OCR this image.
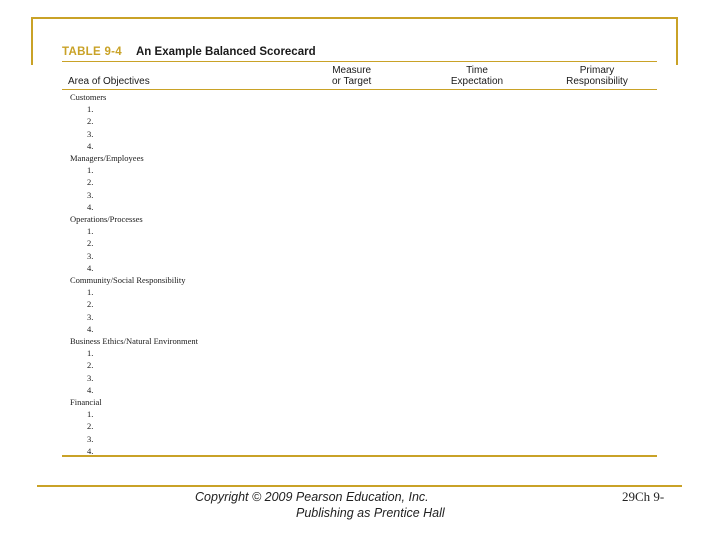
TABLE 9-4 An Example Balanced Scorecard
Area of Objectives
Measure
or Target
Time
Expectation
Primary
Responsibility
Customers
1.
2.
3.
4.
Managers/Employees
1.
2.
3.
4.
Operations/Processes
1.
2.
3.
4.
Community/Social Responsibility
1.
2.
3.
4.
Business Ethics/Natural Environment
1.
2.
3.
4.
Financial
1.
2.
3.
4.
Copyright © 2009 Pearson Education, Inc.
Publishing as Prentice Hall
29Ch 9-
